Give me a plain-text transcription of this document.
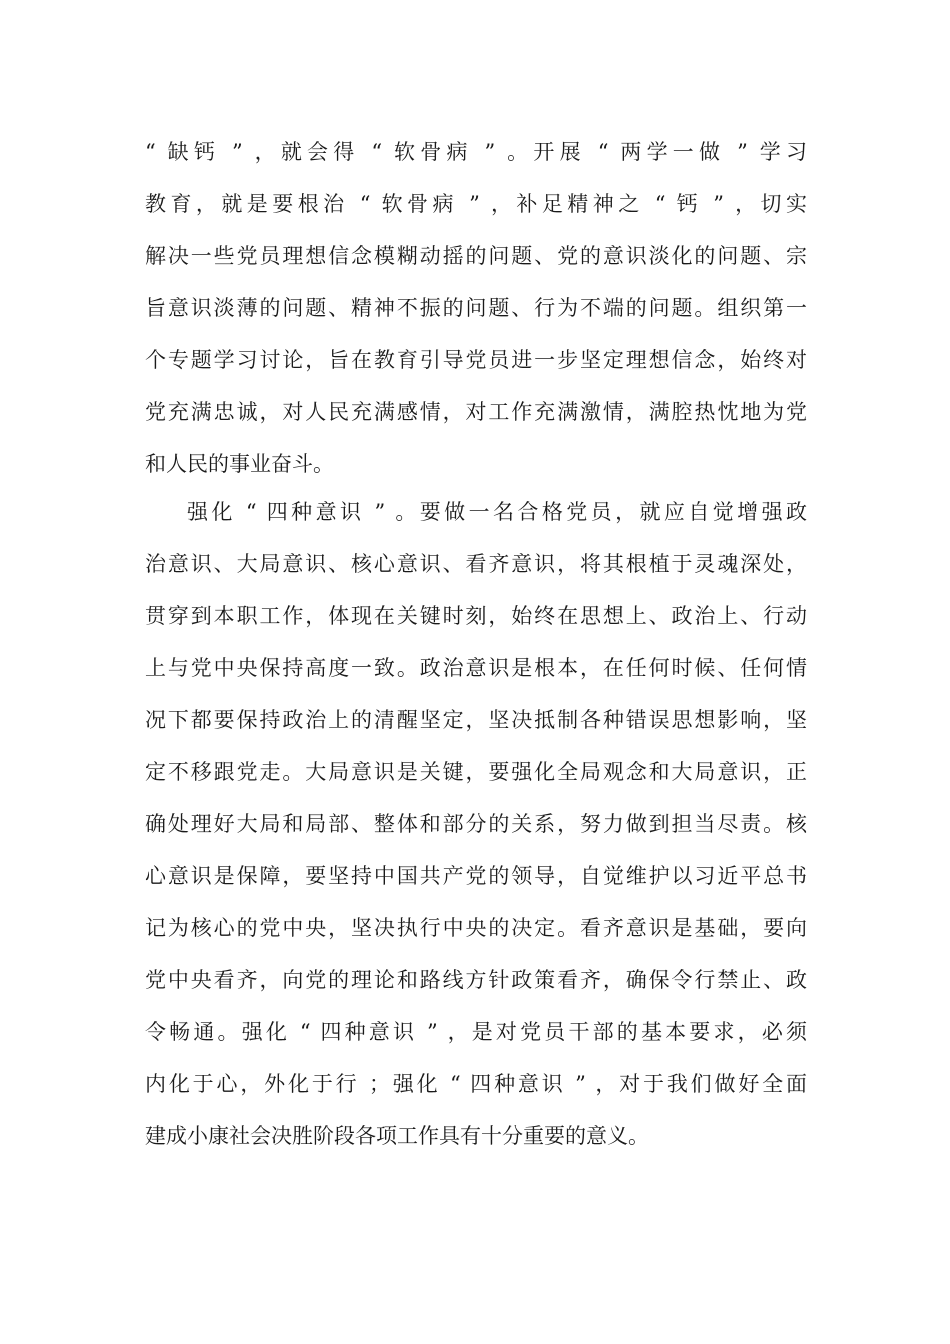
“ 缺钙 ” ，就会得 “ 软骨病 ” 。开展 “ 两学一做 ” 学习
教育，就是要根治 “ 软骨病 ” ，补足精神之 “ 钙 ” ，切实
解决一些党员理想信念模糊动摇的问题、党的意识淡化的问题、宗
旨意识淡薄的问题、精神不振的问题、行为不端的问题。组织第一
个专题学习讨论，旨在教育引导党员进一步坚定理想信念，始终对
党充满忠诚，对人民充满感情，对工作充满激情，满腔热忱地为党
和人民的事业奋斗。
强化 “ 四种意识 ” 。要做一名合格党员，就应自觉增强政
治意识、大局意识、核心意识、看齐意识，将其根植于灵魂深处，
贯穿到本职工作，体现在关键时刻，始终在思想上、政治上、行动
上与党中央保持高度一致。政治意识是根本，在任何时候、任何情
况下都要保持政治上的清醒坚定，坚决抵制各种错误思想影响，坚
定不移跟党走。大局意识是关键，要强化全局观念和大局意识，正
确处理好大局和局部、整体和部分的关系，努力做到担当尽责。核
心意识是保障，要坚持中国共产党的领导，自觉维护以习近平总书
记为核心的党中央，坚决执行中央的决定。看齐意识是基础，要向
党中央看齐，向党的理论和路线方针政策看齐，确保令行禁止、政
令畅通。强化 “ 四种意识 ” ，是对党员干部的基本要求，必须
内化于心，外化于行 ；强化 “ 四种意识 ” ，对于我们做好全面
建成小康社会决胜阶段各项工作具有十分重要的意义。
